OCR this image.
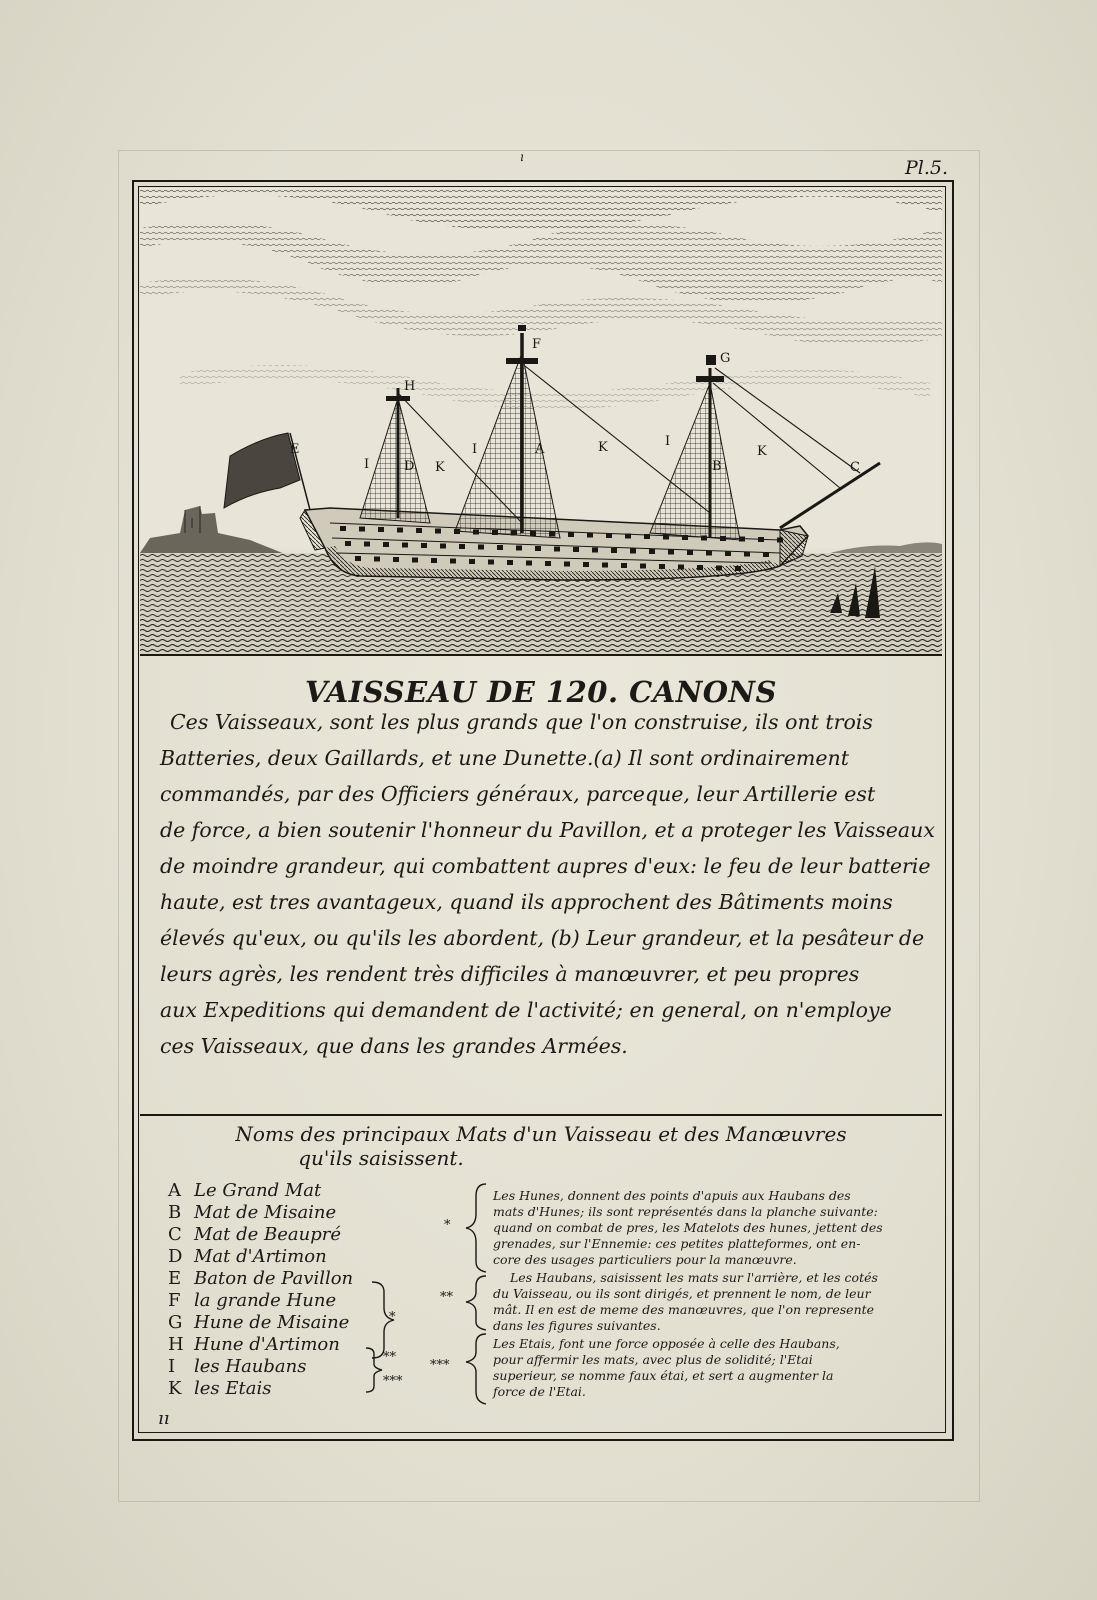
Pl.5.
ı
ıı
A
B	C
E
F
G
H
I
I
I
D K
K	K
VAISSEAU DE 120. CANONS
Ces Vaisseaux, sont les plus grands que l'on construise, ils ont trois
Batteries, deux Gaillards, et une Dunette.(a) Il sont ordinairement
commandés, par des Officiers généraux, parceque, leur Artillerie est
de force, a bien soutenir l'honneur du Pavillon, et a proteger les Vaisseaux
de moindre grandeur, qui combattent aupres d'eux: le feu de leur batterie
haute, est tres avantageux, quand ils approchent des Bâtiments moins
élevés qu'eux, ou qu'ils les abordent, (b) Leur grandeur, et la pesâteur de
leurs agrès, les rendent très difficiles à manœuvrer, et peu propres
aux Expeditions qui demandent de l'activité; en general, on n'employe
ces Vaisseaux, que dans les grandes Armées.
Noms des principaux Mats d'un Vaisseau et des Manœuvres
qu'ils saisissent.
A Le Grand Mat
B Mat de Misaine
C Mat de Beaupré
D Mat d'Artimon
E Baton de Pavillon
F la grande Hune
G Hune de Misaine
H Hune d'Artimon
I les Haubans
K les Etais
*
**
***
*
**
***
Les Hunes, donnent des points d'apuis aux Haubans des
mats d'Hunes; ils sont représentés dans la planche suivante:
quand on combat de pres, les Matelots des hunes, jettent des
grenades, sur l'Ennemie: ces petites platteformes, ont en-
core des usages particuliers pour la manœuvre.
Les Haubans, saisissent les mats sur l'arrière, et les cotés
du Vaisseau, ou ils sont dirigés, et prennent le nom, de leur
mât. Il en est de meme des manœuvres, que l'on represente
dans les figures suivantes.
Les Etais, font une force opposée à celle des Haubans,
pour affermir les mats, avec plus de solidité; l'Etai
superieur, se nomme faux étai, et sert a augmenter la
force de l'Etai.
